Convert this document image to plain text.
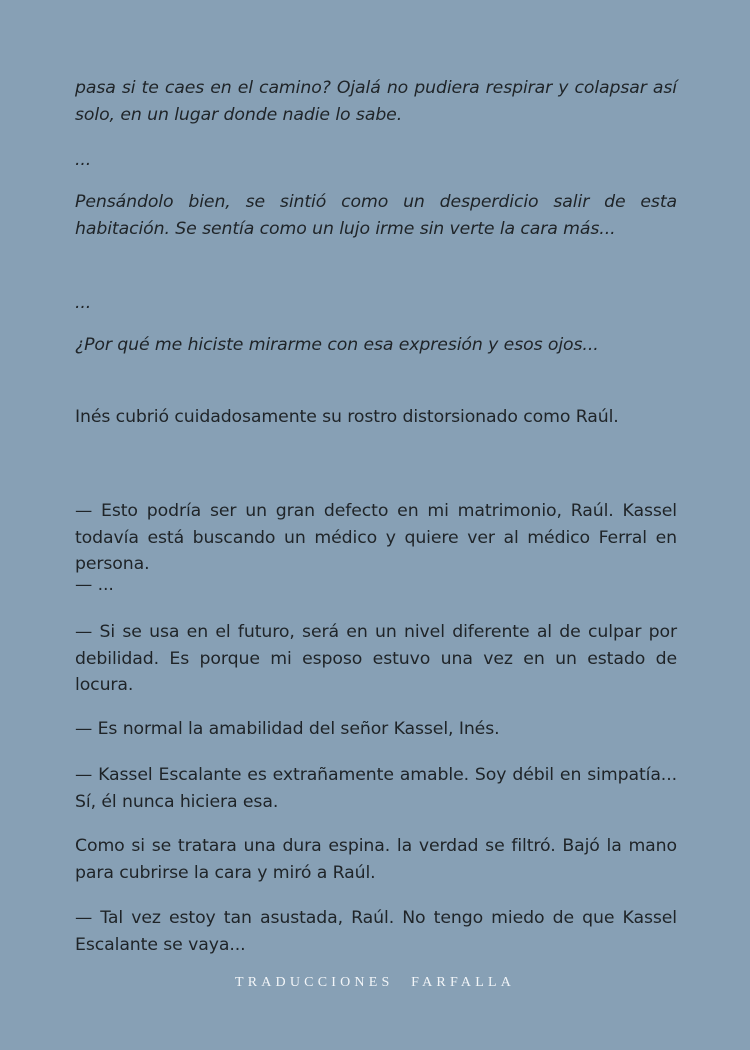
pasa si te caes en el camino? Ojalá no pudiera respirar y colapsar así solo, en un lugar donde nadie lo sabe.

...

Pensándolo bien, se sintió como un desperdicio salir de esta habitación. Se sentía como un lujo irme sin verte la cara más...

...

¿Por qué me hiciste mirarme con esa expresión y esos ojos...

Inés cubrió cuidadosamente su rostro distorsionado como Raúl.

— Esto podría ser un gran defecto en mi matrimonio, Raúl. Kassel todavía está buscando un médico y quiere ver al médico Ferral en persona.

— ...

— Si se usa en el futuro, será en un nivel diferente al de culpar por debilidad. Es porque mi esposo estuvo una vez en un estado de locura.

— Es normal la amabilidad del señor Kassel, Inés.

— Kassel Escalante es extrañamente amable. Soy débil en simpatía... Sí, él nunca hiciera esa.

Como si se tratara una dura espina. la verdad se filtró. Bajó la mano para cubrirse la cara y miró a Raúl.

— Tal vez estoy tan asustada, Raúl. No tengo miedo de que Kassel Escalante se vaya...

TRADUCCIONES FARFALLA
